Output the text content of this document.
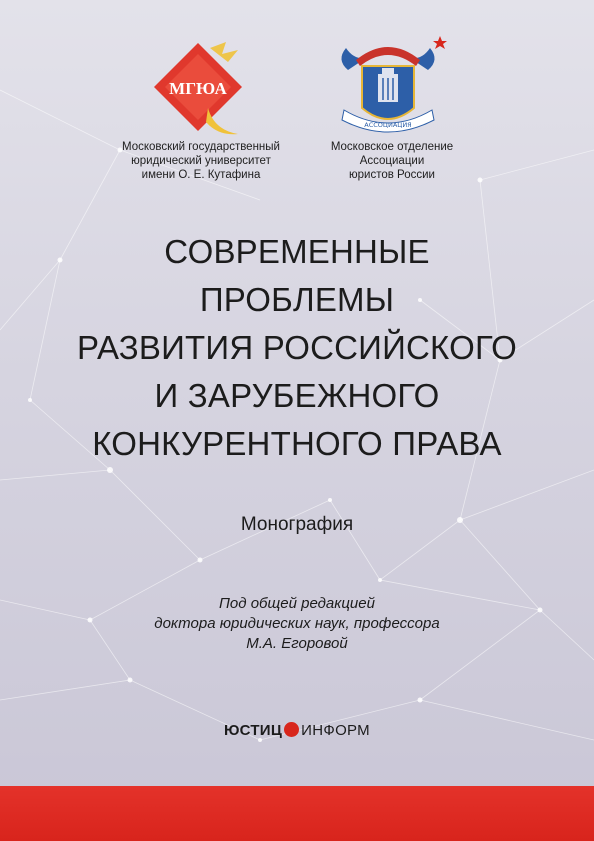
МГЮА
АССОЦИАЦИЯ
Московский государственный
юридический университет
имени О. Е. Кутафина
Московское отделение
Ассоциации
юристов России
СОВРЕМЕННЫЕ
ПРОБЛЕМЫ
РАЗВИТИЯ РОССИЙСКОГО
И ЗАРУБЕЖНОГО
КОНКУРЕНТНОГО ПРАВА
Монография
Под общей редакцией
доктора юридических наук, профессора
М.А. Егоровой
ЮСТИЦ ИНФОРМ
